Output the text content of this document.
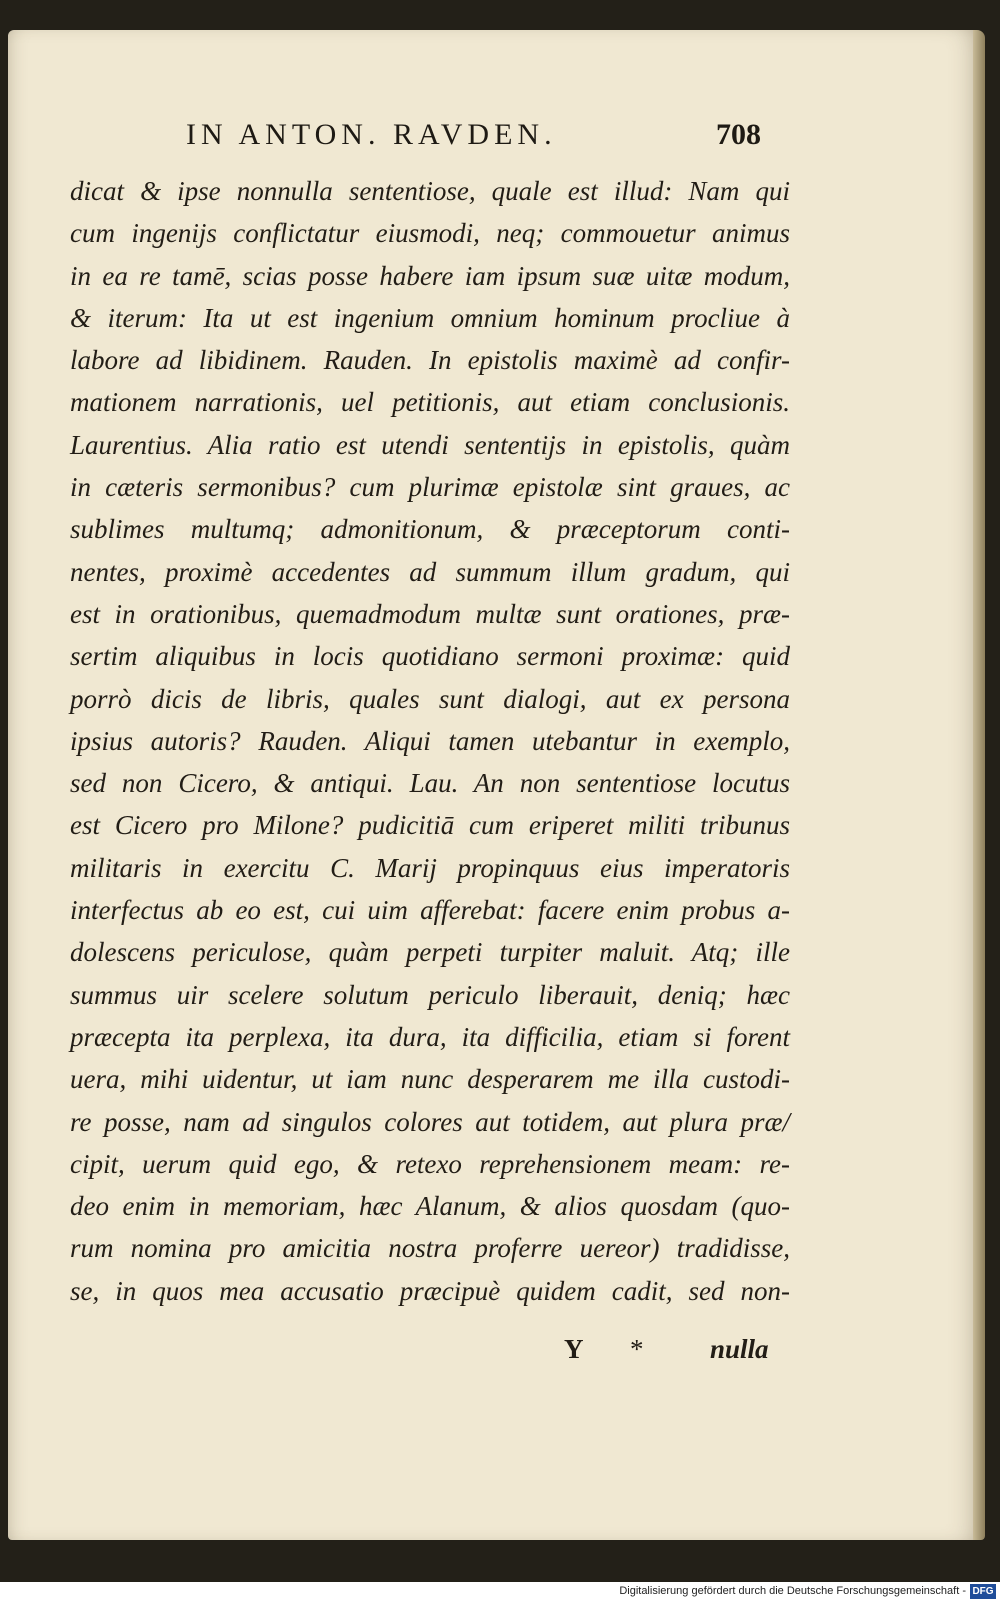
IN ANTON. RAVDEN.	708
dicat & ipse nonnulla sententiose, quale est illud: Nam qui
cum ingenijs conflictatur eiusmodi, neq; commouetur animus
in ea re tamē, scias posse habere iam ipsum suæ uitæ modum,
& iterum: Ita ut est ingenium omnium hominum procliue à
labore ad libidinem. Rauden. In epistolis maximè ad confir-
mationem narrationis, uel petitionis, aut etiam conclusionis.
Laurentius. Alia ratio est utendi sententijs in epistolis, quàm
in cæteris sermonibus? cum plurimæ epistolæ sint graues, ac
sublimes multumq; admonitionum, & præceptorum conti-
nentes, proximè accedentes ad summum illum gradum, qui
est in orationibus, quemadmodum multæ sunt orationes, præ-
sertim aliquibus in locis quotidiano sermoni proximæ: quid
porrò dicis de libris, quales sunt dialogi, aut ex persona
ipsius autoris? Rauden. Aliqui tamen utebantur in exemplo,
sed non Cicero, & antiqui. Lau. An non sententiose locutus
est Cicero pro Milone? pudicitiā cum eriperet militi tribunus
militaris in exercitu C. Marij propinquus eius imperatoris
interfectus ab eo est, cui uim afferebat: facere enim probus a-
dolescens periculose, quàm perpeti turpiter maluit. Atq; ille
summus uir scelere solutum periculo liberauit, deniq; hæc
præcepta ita perplexa, ita dura, ita difficilia, etiam si forent
uera, mihi uidentur, ut iam nunc desperarem me illa custodi-
re posse, nam ad singulos colores aut totidem, aut plura præ/
cipit, uerum quid ego, & retexo reprehensionem meam: re-
deo enim in memoriam, hæc Alanum, & alios quosdam (quo-
rum nomina pro amicitia nostra proferre uereor) tradidisse,
se, in quos mea accusatio præcipuè quidem cadit, sed non-
Y * nulla
Digitalisierung gefördert durch die Deutsche Forschungsgemeinschaft - DFG
